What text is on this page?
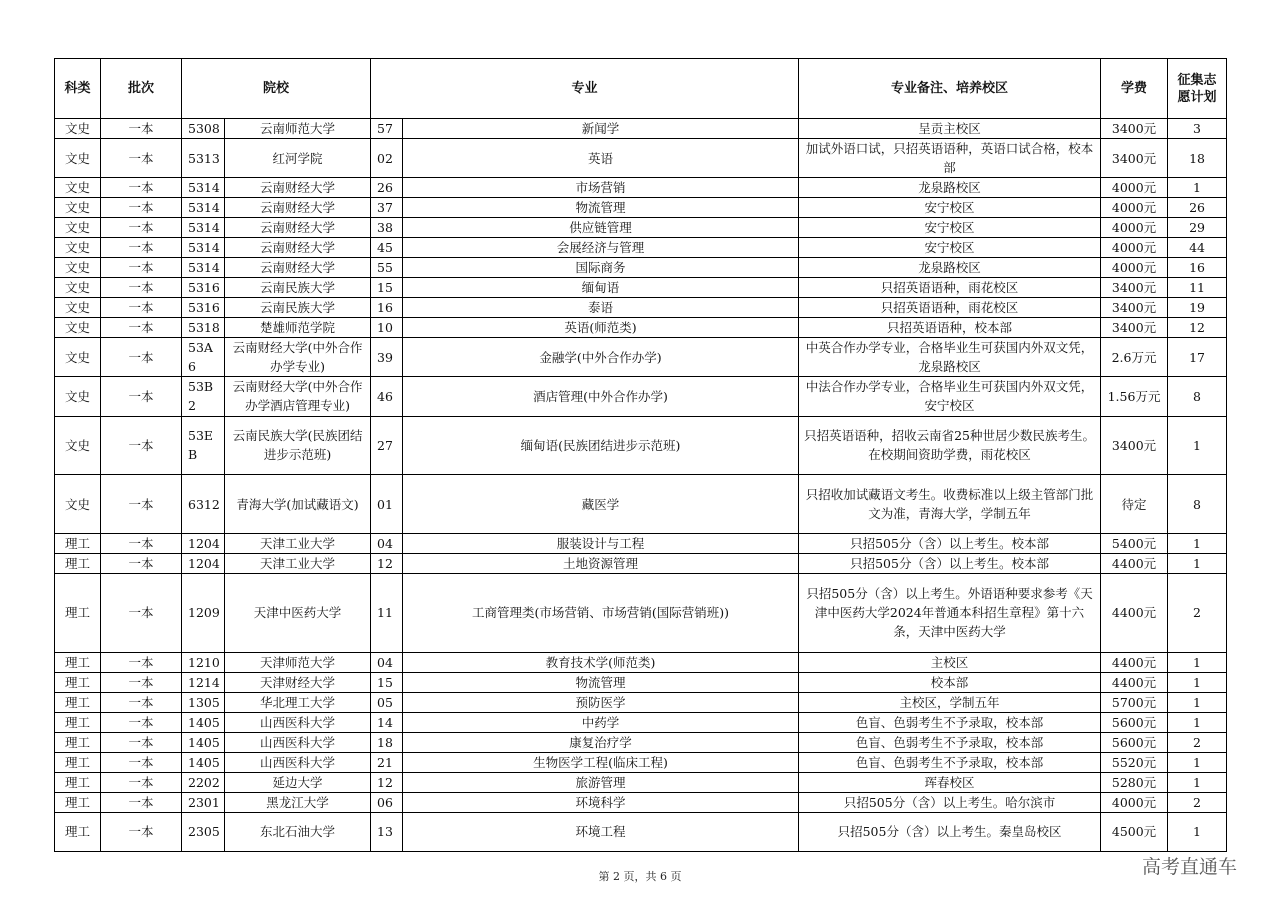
科类	批次	院校		专业		专业备注、培养校区	学费	征集志愿计划
文史	一本	5308	云南师范大学	57	新闻学	呈贡主校区	3400元	3
文史	一本	5313	红河学院	02	英语	加试外语口试，只招英语语种，英语口试合格，校本部	3400元	18
文史	一本	5314	云南财经大学	26	市场营销	龙泉路校区	4000元	1
文史	一本	5314	云南财经大学	37	物流管理	安宁校区	4000元	26
文史	一本	5314	云南财经大学	38	供应链管理	安宁校区	4000元	29
文史	一本	5314	云南财经大学	45	会展经济与管理	安宁校区	4000元	44
文史	一本	5314	云南财经大学	55	国际商务	龙泉路校区	4000元	16
文史	一本	5316	云南民族大学	15	缅甸语	只招英语语种，雨花校区	3400元	11
文史	一本	5316	云南民族大学	16	泰语	只招英语语种，雨花校区	3400元	19
文史	一本	5318	楚雄师范学院	10	英语(师范类)	只招英语语种，校本部	3400元	12
文史	一本	53A6	云南财经大学(中外合作办学专业)	39	金融学(中外合作办学)	中英合作办学专业，合格毕业生可获国内外双文凭，龙泉路校区	2.6万元	17
文史	一本	53B2	云南财经大学(中外合作办学酒店管理专业)	46	酒店管理(中外合作办学)	中法合作办学专业，合格毕业生可获国内外双文凭，安宁校区	1.56万元	8
文史	一本	53EB	云南民族大学(民族团结进步示范班)	27	缅甸语(民族团结进步示范班)	只招英语语种，招收云南省25种世居少数民族考生。在校期间资助学费，雨花校区	3400元	1
文史	一本	6312	青海大学(加试藏语文)	01	藏医学	只招收加试藏语文考生。收费标准以上级主管部门批文为准，青海大学，学制五年	待定	8
理工	一本	1204	天津工业大学	04	服装设计与工程	只招505分（含）以上考生。校本部	5400元	1
理工	一本	1204	天津工业大学	12	土地资源管理	只招505分（含）以上考生。校本部	4400元	1
理工	一本	1209	天津中医药大学	11	工商管理类(市场营销、市场营销(国际营销班))	只招505分（含）以上考生。外语语种要求参考《天津中医药大学2024年普通本科招生章程》第十六条，天津中医药大学	4400元	2
理工	一本	1210	天津师范大学	04	教育技术学(师范类)	主校区	4400元	1
理工	一本	1214	天津财经大学	15	物流管理	校本部	4400元	1
理工	一本	1305	华北理工大学	05	预防医学	主校区，学制五年	5700元	1
理工	一本	1405	山西医科大学	14	中药学	色盲、色弱考生不予录取，校本部	5600元	1
理工	一本	1405	山西医科大学	18	康复治疗学	色盲、色弱考生不予录取，校本部	5600元	2
理工	一本	1405	山西医科大学	21	生物医学工程(临床工程)	色盲、色弱考生不予录取，校本部	5520元	1
理工	一本	2202	延边大学	12	旅游管理	珲春校区	5280元	1
理工	一本	2301	黑龙江大学	06	环境科学	只招505分（含）以上考生。哈尔滨市	4000元	2
理工	一本	2305	东北石油大学	13	环境工程	只招505分（含）以上考生。秦皇岛校区	4500元	1
第 2 页，共 6 页	高考直通车
